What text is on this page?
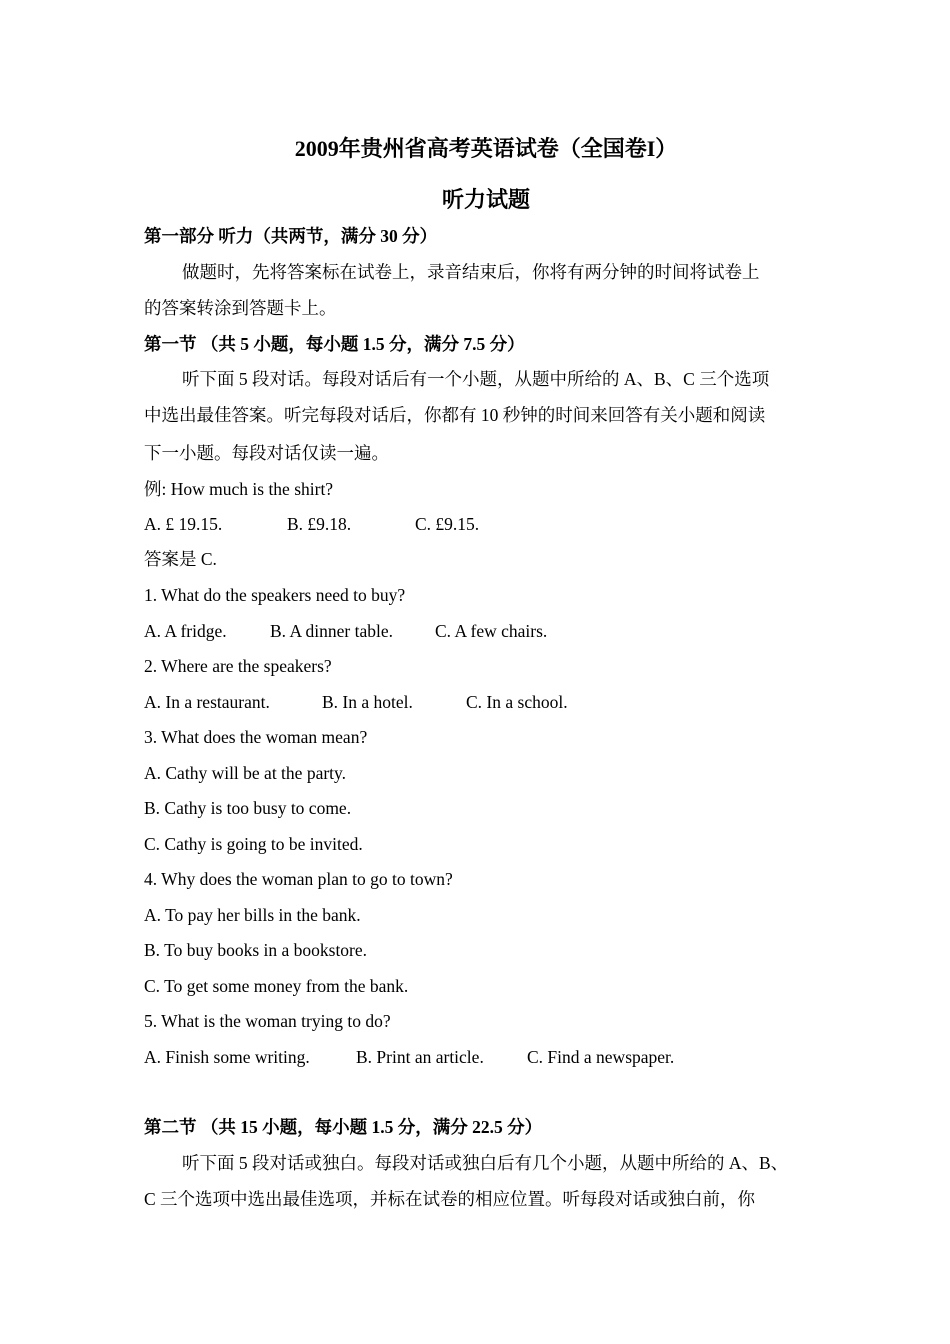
2009年贵州省高考英语试卷（全国卷I）
听力试题

第一部分 听力（共两节，满分 30 分）

做题时，先将答案标在试卷上，录音结束后，你将有两分钟的时间将试卷上

的答案转涂到答题卡上。

第一节 （共 5 小题，每小题 1.5 分，满分 7.5 分）

听下面 5 段对话。每段对话后有一个小题，从题中所给的 A、B、C 三个选项

中选出最佳答案。听完每段对话后，你都有 10 秒钟的时间来回答有关小题和阅读

下一小题。每段对话仅读一遍。

例: How much is the shirt?

A. £ 19.15.	B. £9.18.	C. £9.15.

答案是 C.

1. What do the speakers need to buy?

A. A fridge. B. A dinner table. C. A few chairs.

2. Where are the speakers?

A. In a restaurant.	B. In a hotel.	C. In a school.

3. What does the woman mean?

A. Cathy will be at the party.

B. Cathy is too busy to come.

C. Cathy is going to be invited.

4. Why does the woman plan to go to town?

A. To pay her bills in the bank.

B. To buy books in a bookstore.

C. To get some money from the bank.

5. What is the woman trying to do?

A. Finish some writing.	B. Print an article. C. Find a newspaper.

第二节 （共 15 小题，每小题 1.5 分，满分 22.5 分）

听下面 5 段对话或独白。每段对话或独白后有几个小题，从题中所给的 A、B、

C 三个选项中选出最佳选项，并标在试卷的相应位置。听每段对话或独白前，你
